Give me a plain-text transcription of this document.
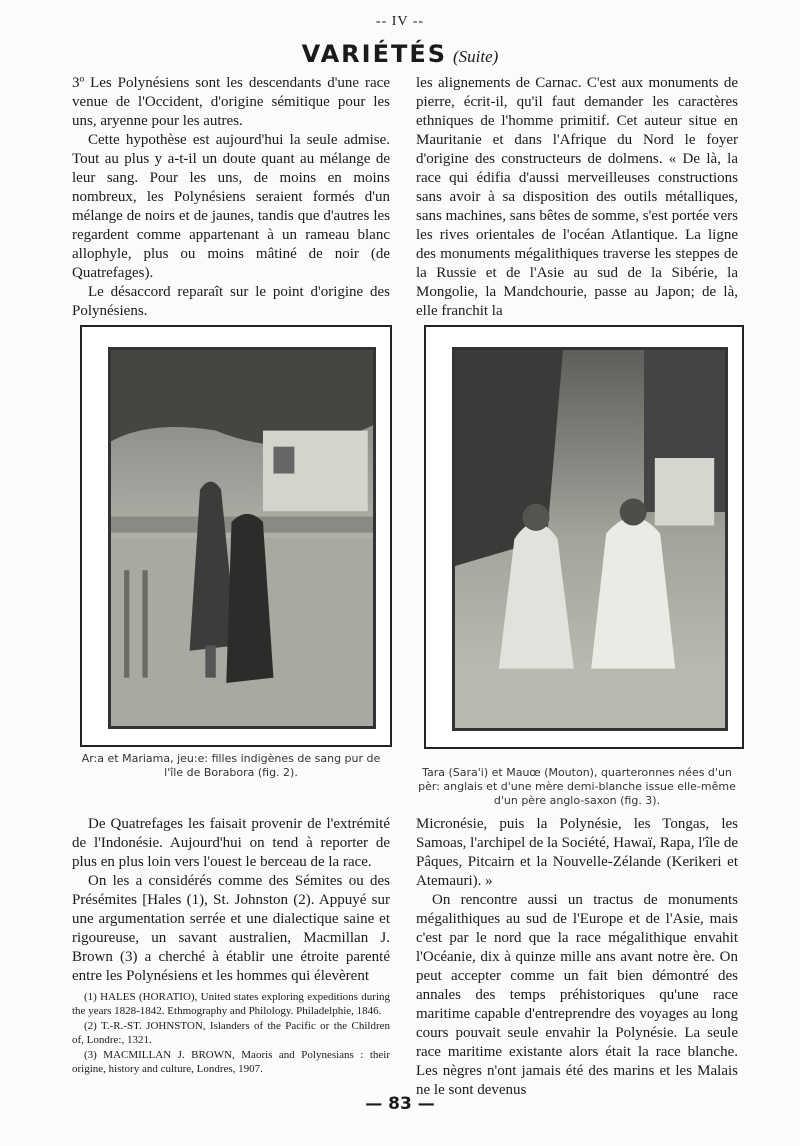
-- IV --
VARIÉTÉS (Suite)

3º Les Polynésiens sont les descendants d'une race venue de l'Occident, d'origine sémitique pour les uns, aryenne pour les autres.

Cette hypothèse est aujourd'hui la seule admise. Tout au plus y a-t-il un doute quant au mélange de leur sang. Pour les uns, de moins en moins nombreux, les Polynésiens seraient formés d'un mélange de noirs et de jaunes, tandis que d'autres les regardent comme appartenant à un rameau blanc allophyle, plus ou moins mâtiné de noir (de Quatrefages).

Le désaccord reparaît sur le point d'origine des Polynésiens.

les alignements de Carnac. C'est aux monuments de pierre, écrit-il, qu'il faut demander les caractères ethniques de l'homme primitif. Cet auteur situe en Mauritanie et dans l'Afrique du Nord le foyer d'origine des constructeurs de dolmens. « De là, la race qui édifia d'aussi merveilleuses constructions sans avoir à sa disposition des outils métalliques, sans machines, sans bêtes de somme, s'est portée vers les rives orientales de l'océan Atlantique. La ligne des monuments mégalithiques traverse les steppes de la Russie et de l'Asie au sud de la Sibérie, la Mongolie, la Mandchourie, passe au Japon; de là, elle franchit la

Ar:a et Mariama, jeu:e: filles indigènes de sang pur de l'île de Borabora (fig. 2).	Tara (Sara'i) et Mauœ (Mouton), quarteronnes nées d'un pèr: anglais et d'une mère demi-blanche issue elle-même d'un père anglo-saxon (fig. 3).

De Quatrefages les faisait provenir de l'extrémité de l'Indonésie. Aujourd'hui on tend à reporter de plus en plus loin vers l'ouest le berceau de la race.

On les a considérés comme des Sémites ou des Présémites [Hales (1), St. Johnston (2). Appuyé sur une argumentation serrée et une dialectique saine et rigoureuse, un savant australien, Macmillan J. Brown (3) a cherché à établir une étroite parenté entre les Polynésiens et les hommes qui élevèrent

Micronésie, puis la Polynésie, les Tongas, les Samoas, l'archipel de la Société, Hawaï, Rapa, l'île de Pâques, Pitcairn et la Nouvelle-Zélande (Kerikeri et Atemauri). »

On rencontre aussi un tractus de monuments mégalithiques au sud de l'Europe et de l'Asie, mais c'est par le nord que la race mégalithique envahit l'Océanie, dix à quinze mille ans avant notre ère. On peut accepter comme un fait bien démontré des annales des temps préhistoriques qu'une race maritime capable d'entreprendre des voyages au long cours pouvait seule envahir la Polynésie. La seule race maritime existante alors était la race blanche. Les nègres n'ont jamais été des marins et les Malais ne le sont devenus

(1) HALES (HORATIO), United states exploring expeditions during the years 1828-1842. Ethmography and Philology. Philadelphie, 1846.

(2) T.-R.-ST. JOHNSTON, Islanders of the Pacific or the Children of, Londre:, 1321.

(3) MACMILLAN J. BROWN, Maoris and Polynesians : their origine, history and culture, Londres, 1907.

— 83 —
